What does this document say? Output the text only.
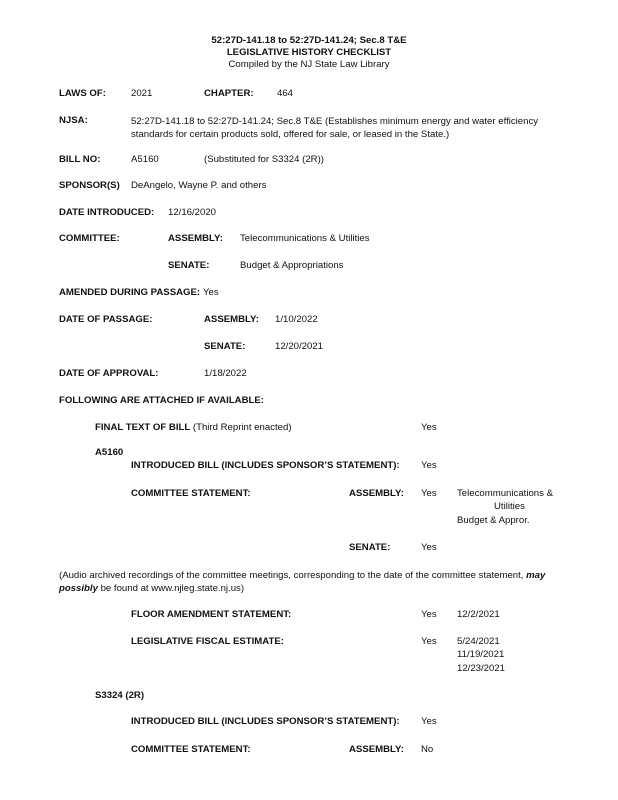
52:27D-141.18 to 52:27D-141.24; Sec.8 T&E
LEGISLATIVE HISTORY CHECKLIST
Compiled by the NJ State Law Library
LAWS OF:	2021	CHAPTER: 464
NJSA:	52:27D-141.18 to 52:27D-141.24; Sec.8 T&E (Establishes minimum energy and water efficiency standards for certain products sold, offered for sale, or leased in the State.)
BILL NO:	A5160	(Substituted for S3324 (2R))
SPONSOR(S) DeAngelo, Wayne P. and others
DATE INTRODUCED: 12/16/2020
COMMITTEE:	ASSEMBLY: Telecommunications & Utilities
SENATE:	Budget & Appropriations
AMENDED DURING PASSAGE: Yes
DATE OF PASSAGE:	ASSEMBLY: 1/10/2022
SENATE:	12/20/2021
DATE OF APPROVAL:	1/18/2022
FOLLOWING ARE ATTACHED IF AVAILABLE:
FINAL TEXT OF BILL (Third Reprint enacted)	Yes
A5160
INTRODUCED BILL (INCLUDES SPONSOR’S STATEMENT): Yes
COMMITTEE STATEMENT:	ASSEMBLY: Yes Telecommunications &
Utilities
Budget & Appror.
SENATE:	Yes
(Audio archived recordings of the committee meetings, corresponding to the date of the committee statement, may possibly be found at www.njleg.state.nj.us)
FLOOR AMENDMENT STATEMENT:	Yes 12/2/2021
LEGISLATIVE FISCAL ESTIMATE:	Yes 5/24/2021
11/19/2021
12/23/2021
S3324 (2R)
INTRODUCED BILL (INCLUDES SPONSOR’S STATEMENT): Yes
COMMITTEE STATEMENT:	ASSEMBLY: No
